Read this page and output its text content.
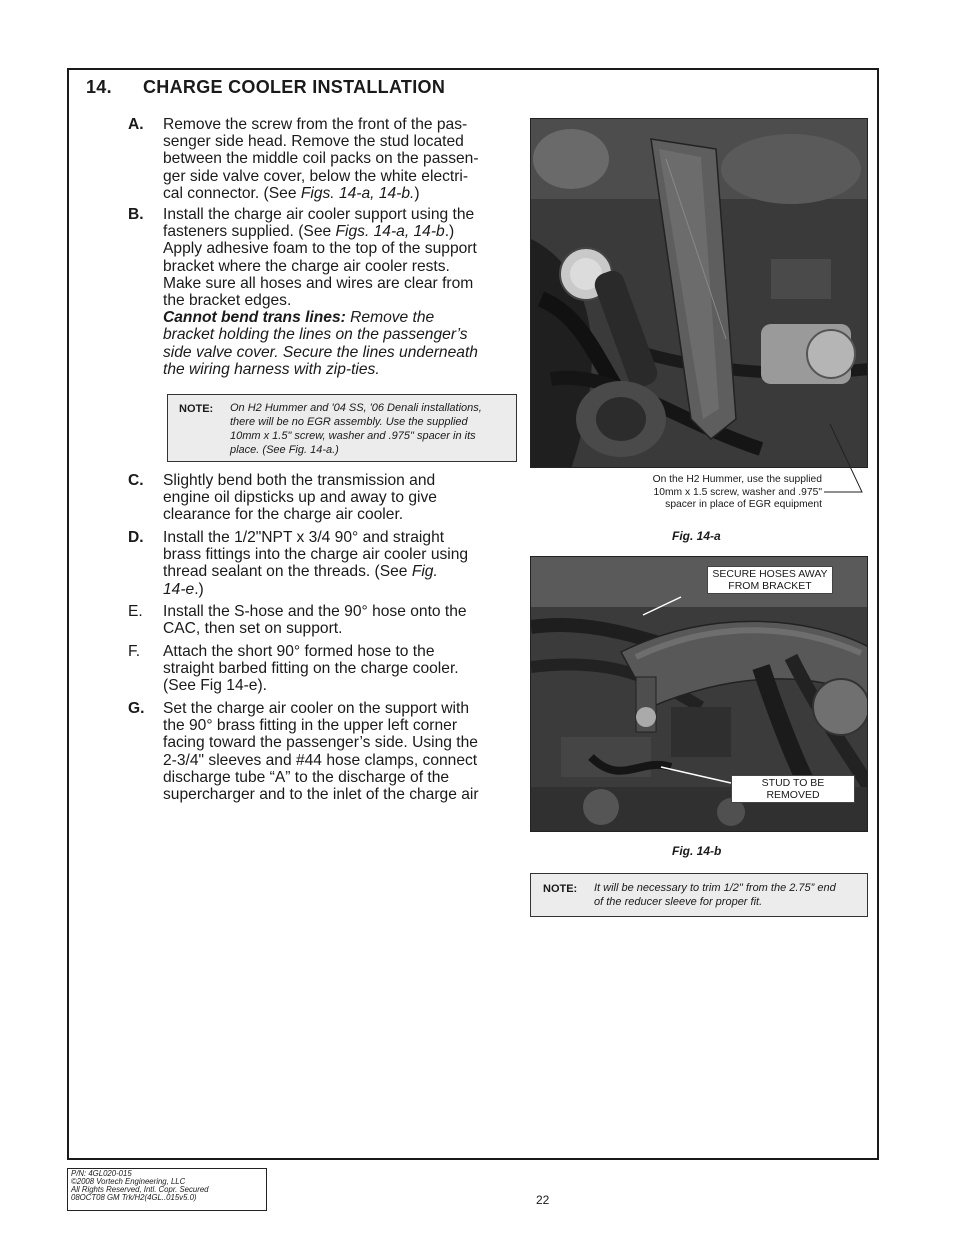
14. CHARGE COOLER INSTALLATION
A.	Remove the screw from the front of the pas-

senger side head. Remove the stud located

between the middle coil packs on the passen-

ger side valve cover, below the white electri-

cal connector. (See Figs. 14-a, 14-b.)

B.	Install the charge air cooler support using the

fasteners supplied. (See Figs. 14-a, 14-b.)

Apply adhesive foam to the top of the support

bracket where the charge air cooler rests.

Make sure all hoses and wires are clear from

the bracket edges.

Cannot bend trans lines: Remove the

bracket holding the lines on the passenger’s

side valve cover. Secure the lines underneath

the wiring harness with zip-ties.

NOTE: On H2 Hummer and '04 SS, '06 Denali installations,
there will be no EGR assembly. Use the supplied
10mm x 1.5" screw, washer and .975" spacer in its
place. (See Fig. 14-a.)
C.	Slightly bend both the transmission and

engine oil dipsticks up and away to give

clearance for the charge air cooler.

D.	Install the 1/2"NPT x 3/4 90° and straight

brass fittings into the charge air cooler using

thread sealant on the threads. (See Fig.

14-e.)

E.	Install the S-hose and the 90° hose onto the

CAC, then set on support.

F.	Attach the short 90° formed hose to the

straight barbed fitting on the charge cooler.

(See Fig 14-e).

G.	Set the charge air cooler on the support with

the 90° brass fitting in the upper left corner

facing toward the passenger’s side. Using the

2-3/4" sleeves and #44 hose clamps, connect

discharge tube “A” to the discharge of the

supercharger and to the inlet of the charge air

On the H2 Hummer, use the supplied
10mm x 1.5 screw, washer and .975"
spacer in place of EGR equipment
Fig. 14-a
SECURE HOSES AWAY
FROM BRACKET
STUD TO BE REMOVED
Fig. 14-b
NOTE: It will be necessary to trim 1/2" from the 2.75” end
of the reducer sleeve for proper fit.
P/N: 4GL020-015
©2008 Vortech Engineering, LLC
All Rights Reserved, Intl. Copr. Secured
08OCT08 GM Trk/H2(4GL..015v5.0)	22
